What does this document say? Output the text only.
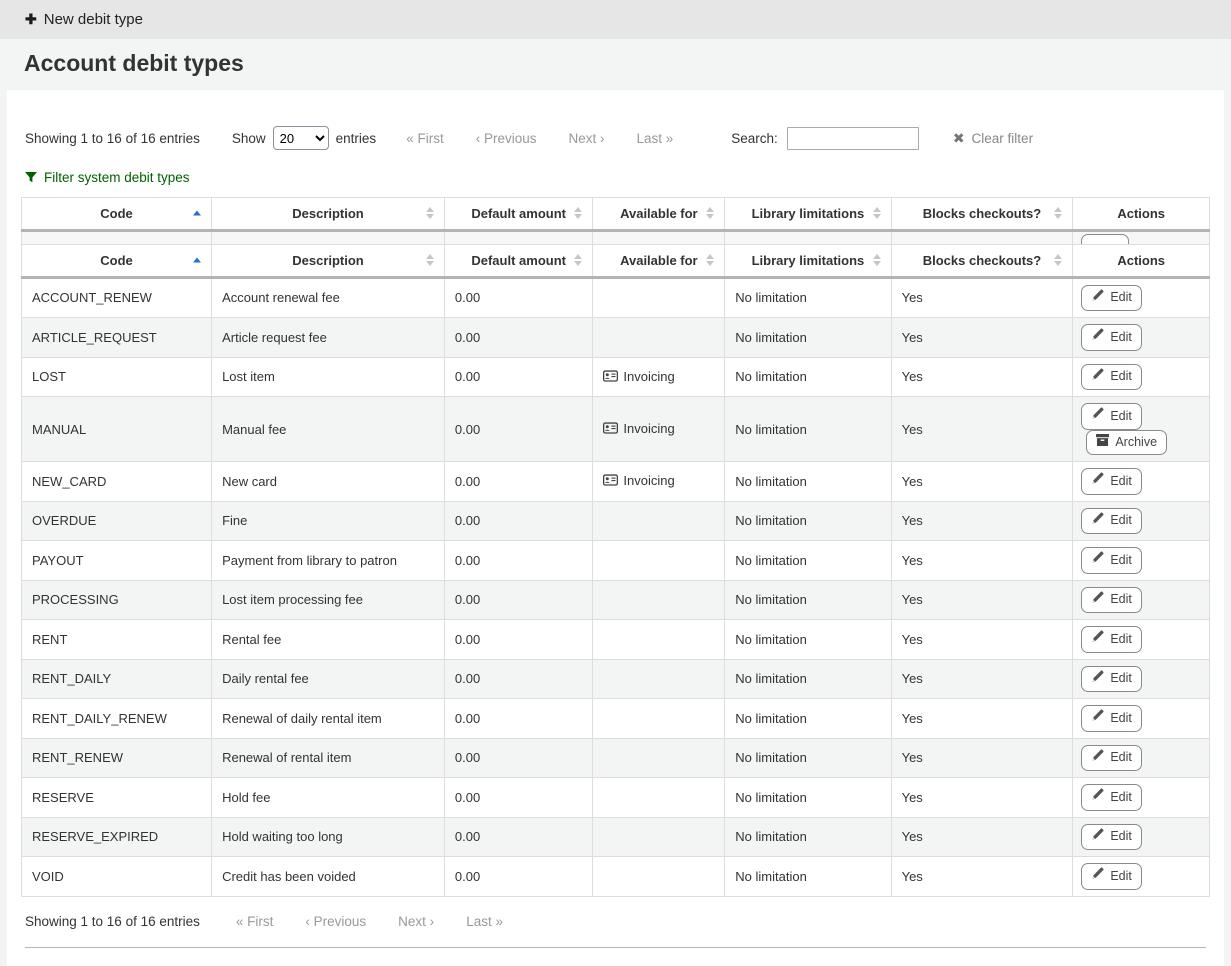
✚ New debit type
Account debit types
Showing 1 to 16 of 16 entries Show
20	entries « First ‹ Previous Next › Last »	Search:	✖ Clear filter
Filter system debit types
Code	Description	Default amount	Available for	Library limitations	Blocks checkouts?	Actions

Code	Description	Default amount	Available for	Library limitations	Blocks checkouts?	Actions
ACCOUNT_RENEW	Account renewal fee	0.00		No limitation	Yes	Edit

ARTICLE_REQUEST	Article request fee	0.00		No limitation	Yes	Edit

LOST	Lost item	0.00	Invoicing	No limitation	Yes	Edit

MANUAL	Manual fee	0.00	Invoicing	No limitation	Yes	Edit
Archive

NEW_CARD	New card	0.00	Invoicing	No limitation	Yes	Edit

OVERDUE	Fine	0.00		No limitation	Yes	Edit

PAYOUT	Payment from library to patron	0.00		No limitation	Yes	Edit

PROCESSING	Lost item processing fee	0.00		No limitation	Yes	Edit

RENT	Rental fee	0.00		No limitation	Yes	Edit

RENT_DAILY	Daily rental fee	0.00		No limitation	Yes	Edit

RENT_DAILY_RENEW	Renewal of daily rental item	0.00		No limitation	Yes	Edit

RENT_RENEW	Renewal of rental item	0.00		No limitation	Yes	Edit

RESERVE	Hold fee	0.00		No limitation	Yes	Edit

RESERVE_EXPIRED	Hold waiting too long	0.00		No limitation	Yes	Edit

VOID	Credit has been voided	0.00		No limitation	Yes	Edit
Showing 1 to 16 of 16 entries	« First ‹ Previous Next › Last »
